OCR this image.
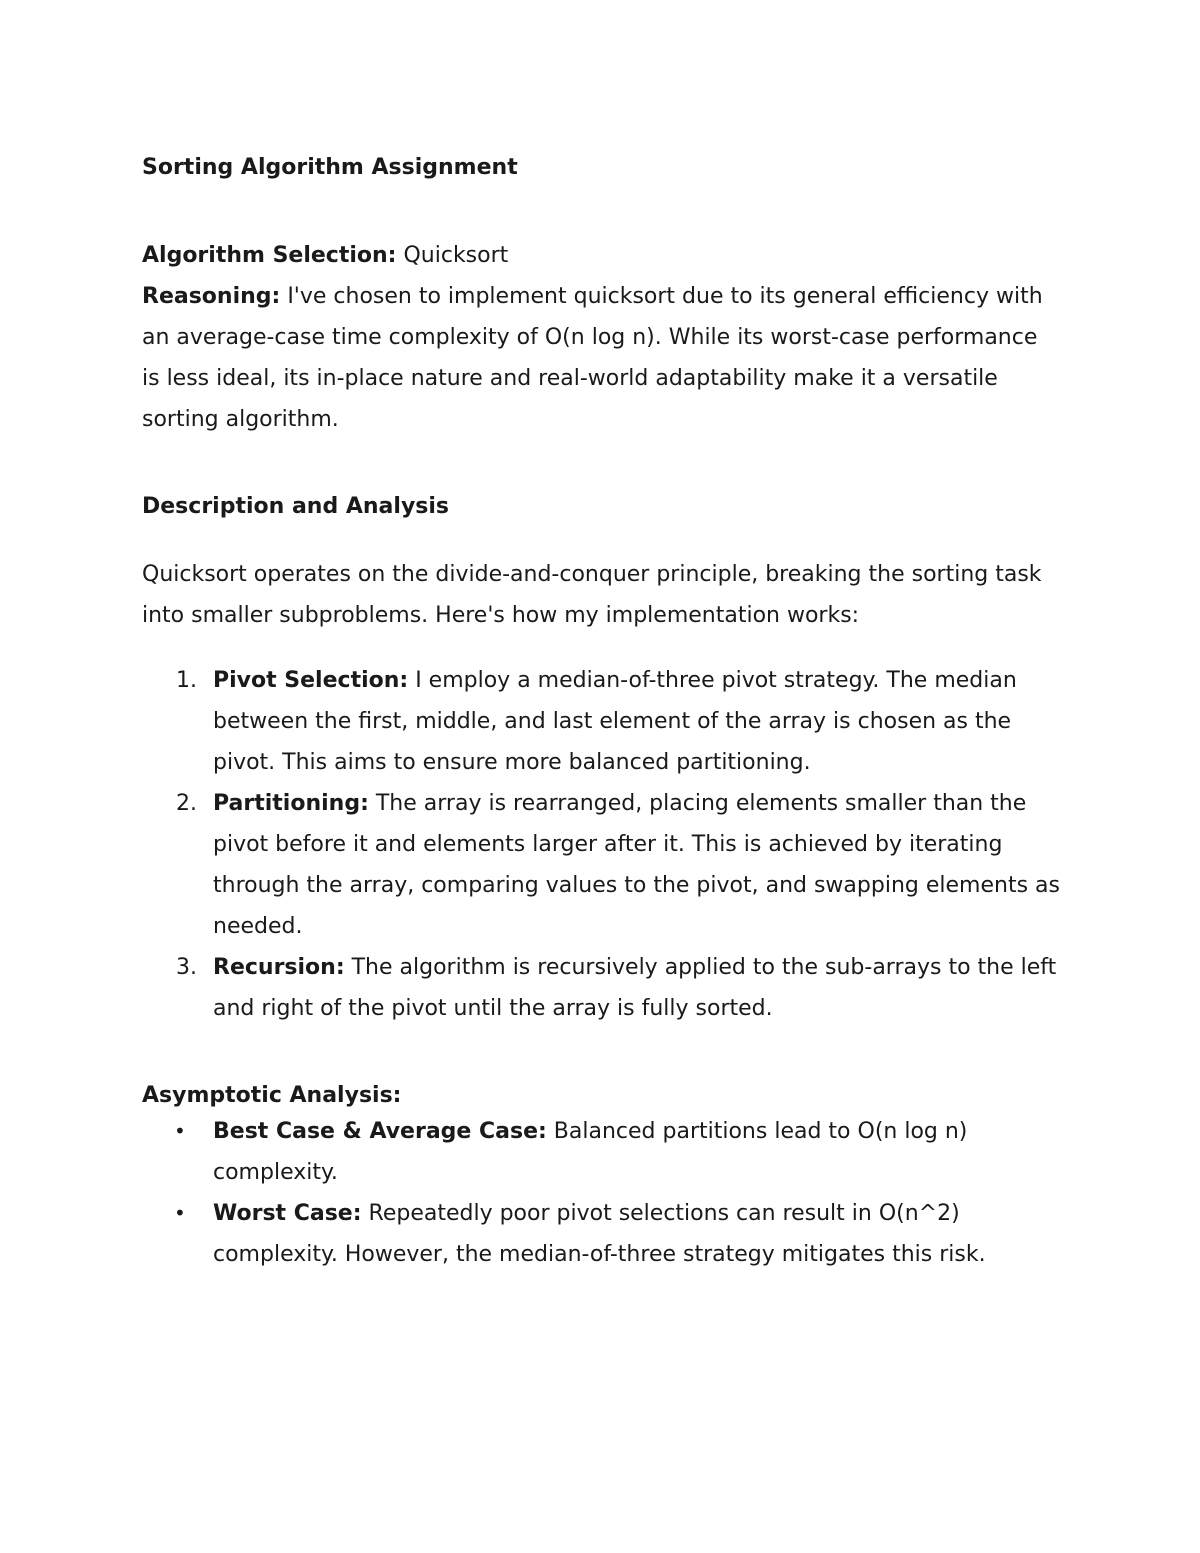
Sorting Algorithm Assignment

Algorithm Selection: Quicksort

Reasoning: I've chosen to implement quicksort due to its general efficiency with an average-case time complexity of O(n log n). While its worst-case performance is less ideal, its in-place nature and real-world adaptability make it a versatile sorting algorithm.

Description and Analysis

Quicksort operates on the divide-and-conquer principle, breaking the sorting task into smaller subproblems. Here's how my implementation works:

1. Pivot Selection: I employ a median-of-three pivot strategy. The median between the first, middle, and last element of the array is chosen as the pivot. This aims to ensure more balanced partitioning.
2. Partitioning: The array is rearranged, placing elements smaller than the pivot before it and elements larger after it. This is achieved by iterating through the array, comparing values to the pivot, and swapping elements as needed.
3. Recursion: The algorithm is recursively applied to the sub-arrays to the left and right of the pivot until the array is fully sorted.
Asymptotic Analysis:
• Best Case & Average Case: Balanced partitions lead to O(n log n) complexity.
• Worst Case: Repeatedly poor pivot selections can result in O(n^2) complexity. However, the median-of-three strategy mitigates this risk.
